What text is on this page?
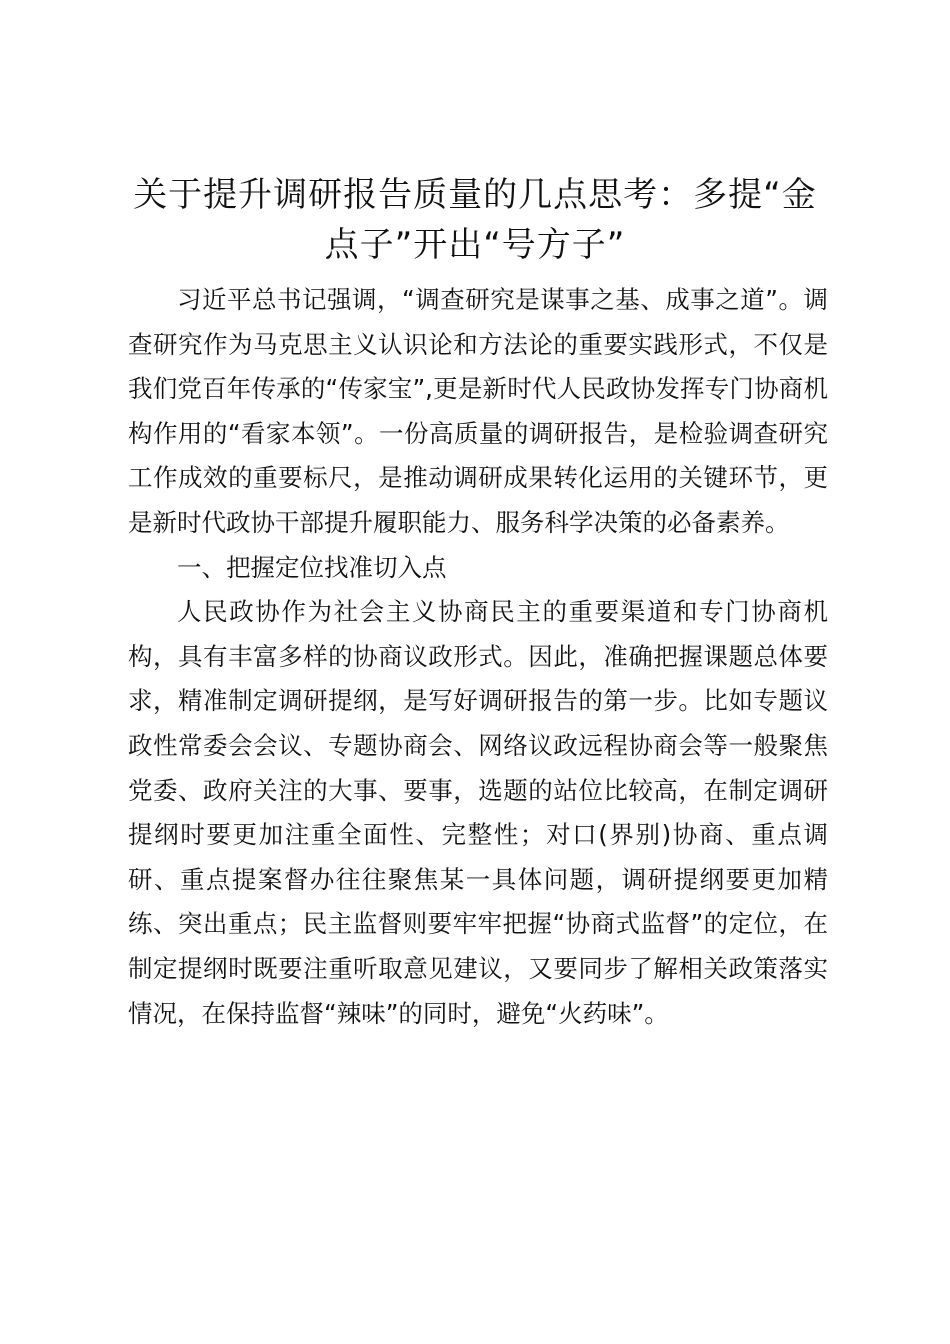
关于提升调研报告质量的几点思考：多提“金
点子”开出“号方子”

习近平总书记强调，“调查研究是谋事之基、成事之道”。调查研究作为马克思主义认识论和方法论的重要实践形式，不仅是我们党百年传承的“传家宝”,更是新时代人民政协发挥专门协商机构作用的“看家本领”。一份高质量的调研报告，是检验调查研究工作成效的重要标尺，是推动调研成果转化运用的关键环节，更是新时代政协干部提升履职能力、服务科学决策的必备素养。

一、把握定位找准切入点

人民政协作为社会主义协商民主的重要渠道和专门协商机构，具有丰富多样的协商议政形式。因此，准确把握课题总体要求，精准制定调研提纲，是写好调研报告的第一步。比如专题议政性常委会会议、专题协商会、网络议政远程协商会等一般聚焦党委、政府关注的大事、要事，选题的站位比较高，在制定调研提纲时要更加注重全面性、完整性；对口(界别)协商、重点调研、重点提案督办往往聚焦某一具体问题，调研提纲要更加精练、突出重点；民主监督则要牢牢把握“协商式监督”的定位，在制定提纲时既要注重听取意见建议，又要同步了解相关政策落实情况，在保持监督“辣味”的同时，避免“火药味”。
